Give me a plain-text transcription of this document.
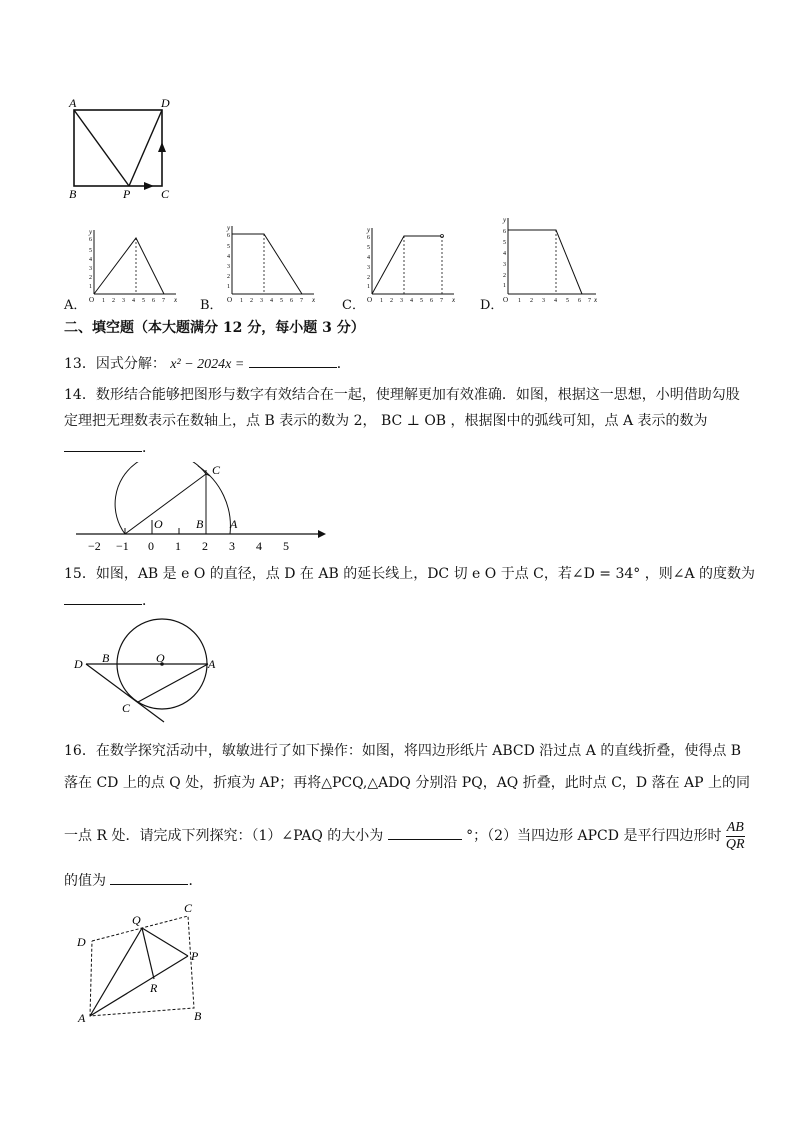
A	D
B	P	C
A．
y
x
O
6
5
4
3
2
1
1 2 3 4 5 6 7	B．
y
x
O
6
5
4
3
2
1
1 2 3 4 5 6 7	C．
y
x
O
6
5
4
3
2
1
1 2 3 4 5 6 7	D．
y
x
O
6
5
4
3
2
1
1 2 3 4 5 6 7
二、填空题（本大题满分 12 分，每小题 3 分）
13．因式分解： x² − 2024x =	．
14．数形结合能够把图形与数字有效结合在一起，使理解更加有效准确．如图，根据这一思想，小明借助勾股
定理把无理数表示在数轴上，点 B 表示的数为 2， BC ⊥ OB ，根据图中的弧线可知，点 A 表示的数为
．
C
O	B A
−2 −1 0 1 2 3 4 5
15．如图，AB 是 e O 的直径，点 D 在 AB 的延长线上，DC 切 e O 于点 C，若∠D = 34° ，则∠A 的度数为
．
D B	O	A
C
16．在数学探究活动中，敏敏进行了如下操作：如图，将四边形纸片 ABCD 沿过点 A 的直线折叠，使得点 B
落在 CD 上的点 Q 处，折痕为 AP；再将△PCQ,△ADQ 分别沿 PQ，AQ 折叠，此时点 C，D 落在 AP 上的同
一点 R 处．请完成下列探究：（1）∠PAQ 的大小为	°；（2）当四边形 APCD 是平行四边形时 $\frac{AB}{QR}$
的值为	．
Q
C
D
P
R
A	B
